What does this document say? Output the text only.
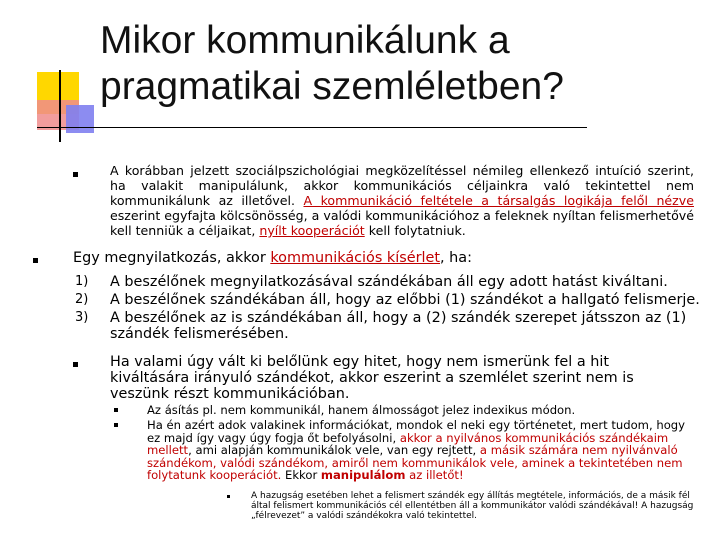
Mikor kommunikálunk a pragmatikai szemléletben?
A korábban jelzett szociálpszichológiai megközelítéssel némileg ellenkező intuíció szerint, ha valakit manipulálunk, akkor kommunikációs céljainkra való tekintettel nem kommunikálunk az illetővel. A kommunikáció feltétele a társalgás logikája felől nézve eszerint egyfajta kölcsönösség, a valódi kommunikációhoz a feleknek nyíltan felismerhetővé kell tenniük a céljaikat, nyílt kooperációt kell folytatniuk.
Egy megnyilatkozás, akkor kommunikációs kísérlet, ha:
1) A beszélőnek megnyilatkozásával szándékában áll egy adott hatást kiváltani.
2) A beszélőnek szándékában áll, hogy az előbbi (1) szándékot a hallgató felismerje.
3) A beszélőnek az is szándékában áll, hogy a (2) szándék szerepet játsszon az (1) szándék felismerésében.
Ha valami úgy vált ki belőlünk egy hitet, hogy nem ismerünk fel a hit kiváltására irányuló szándékot, akkor eszerint a szemlélet szerint nem is veszünk részt kommunikációban.
Az ásítás pl. nem kommunikál, hanem álmosságot jelez indexikus módon.
Ha én azért adok valakinek információkat, mondok el neki egy történetet, mert tudom, hogy ez majd így vagy úgy fogja őt befolyásolni, akkor a nyilvános kommunikációs szándékaim mellett, ami alapján kommunikálok vele, van egy rejtett, a másik számára nem nyilvánvaló szándékom, valódi szándékom, amiről nem kommunikálok vele, aminek a tekintetében nem folytatunk kooperációt. Ekkor manipulálom az illetőt!
A hazugság esetében lehet a felismert szándék egy állítás megtétele, információs, de a másik fél által felismert kommunikációs cél ellentétben áll a kommunikátor valódi szándékával! A hazugság „félrevezet” a valódi szándékokra való tekintettel.
